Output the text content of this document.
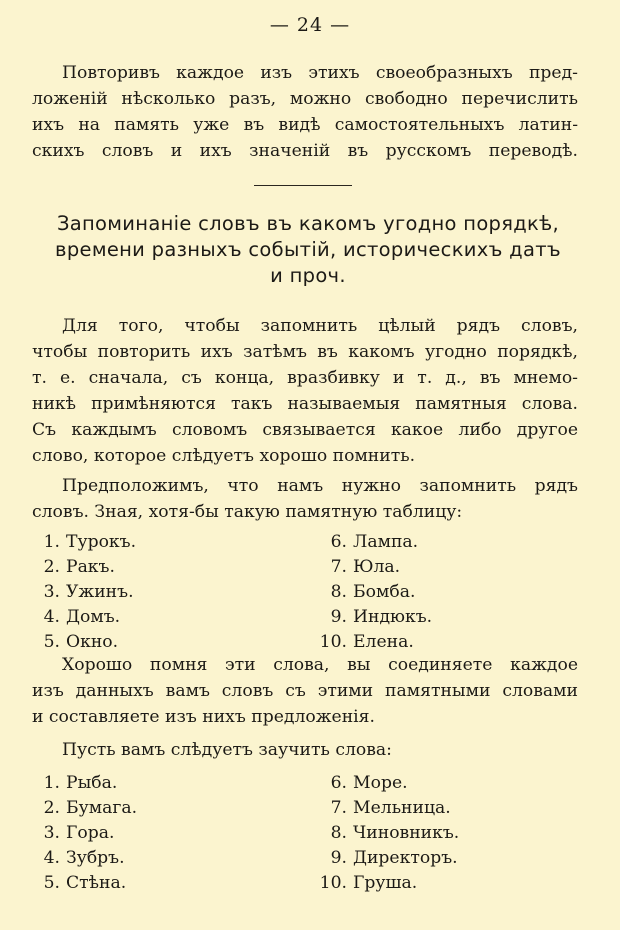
— 24 —
Повторивъ каждое изъ этихъ своеобразныхъ пред-
ложеній нѣсколько разъ, можно свободно перечислить
ихъ на память уже въ видѣ самостоятельныхъ латин-
скихъ словъ и ихъ значеній въ русскомъ переводѣ.
Запоминаніе словъ въ какомъ угодно порядкѣ,
времени разныхъ событій, историческихъ датъ
и проч.
Для того, чтобы запомнить цѣлый рядъ словъ,
чтобы повторить ихъ затѣмъ въ какомъ угодно порядкѣ,
т. е. сначала, съ конца, вразбивку и т. д., въ мнемо-
никѣ примѣняются такъ называемыя памятныя слова.
Съ каждымъ словомъ связывается какое либо другое
слово, которое слѣдуетъ хорошо помнить.
Предположимъ, что намъ нужно запомнить рядъ
словъ. Зная, хотя-бы такую памятную таблицу:
1. Турокъ.
2. Ракъ.
3. Ужинъ.
4. Домъ.
5. Окно.
6. Лампа.
7. Юла.
8. Бомба.
9. Индюкъ.
10. Елена.
Хорошо помня эти слова, вы соединяете каждое
изъ данныхъ вамъ словъ съ этими памятными словами
и составляете изъ нихъ предложенія.
Пусть вамъ слѣдуетъ заучить слова:
1. Рыба.
2. Бумага.
3. Гора.
4. Зубръ.
5. Стѣна.
6. Море.
7. Мельница.
8. Чиновникъ.
9. Директоръ.
10. Груша.
